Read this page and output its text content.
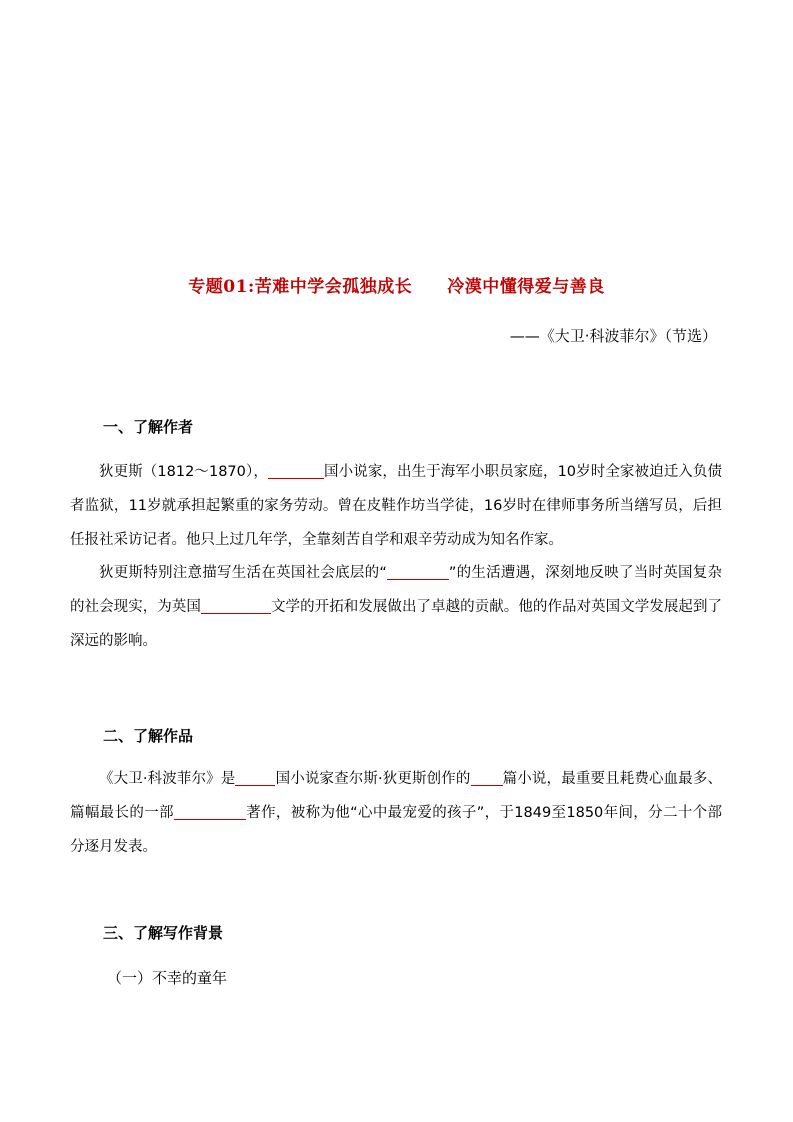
专题01:苦难中学会孤独成长　　冷漠中懂得爱与善良
——《大卫·科波菲尔》（节选）
一、了解作者
狄更斯（1812～1870），	国小说家，出生于海军小职员家庭，10岁时全家被迫迁入负债者监狱，11岁就承担起繁重的家务劳动。曾在皮鞋作坊当学徒，16岁时在律师事务所当缮写员，后担任报社采访记者。他只上过几年学，全靠刻苦自学和艰辛劳动成为知名作家。
狄更斯特别注意描写生活在英国社会底层的“	”的生活遭遇，深刻地反映了当时英国复杂的社会现实，为英国	文学的开拓和发展做出了卓越的贡献。他的作品对英国文学发展起到了深远的影响。
二、了解作品
《大卫·科波菲尔》是	国小说家查尔斯·狄更斯创作的 篇小说，最重要且耗费心血最多、篇幅最长的一部	著作，被称为他“心中最宠爱的孩子”，于1849至1850年间，分二十个部分逐月发表。
三、了解写作背景
（一）不幸的童年
